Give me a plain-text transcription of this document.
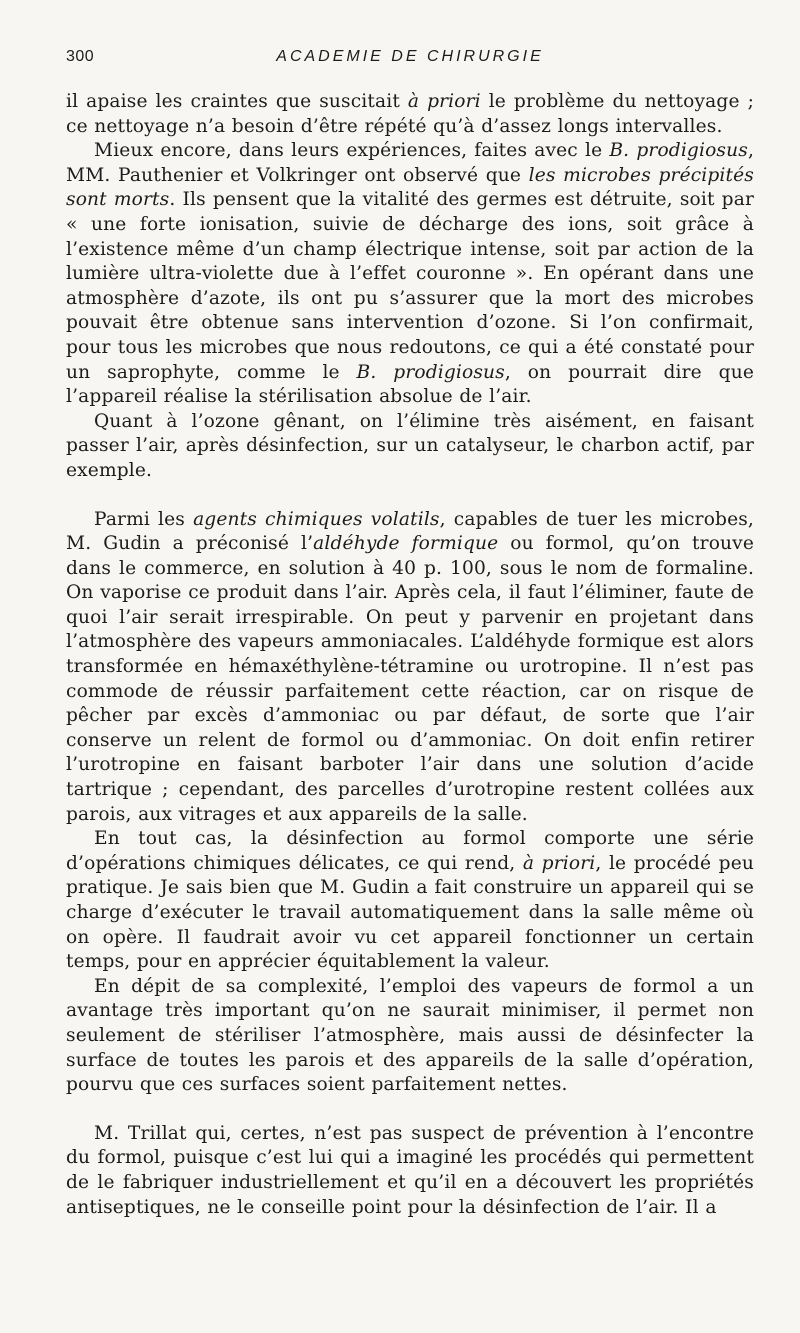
300	ACADEMIE DE CHIRURGIE

il apaise les craintes que suscitait à priori le problème du nettoyage ; ce nettoyage n’a besoin d’être répété qu’à d’assez longs intervalles.

Mieux encore, dans leurs expériences, faites avec le B. prodigiosus, MM. Pauthenier et Volkringer ont observé que les microbes précipités sont morts. Ils pensent que la vitalité des germes est détruite, soit par « une forte ionisation, suivie de décharge des ions, soit grâce à l’existence même d’un champ électrique intense, soit par action de la lumière ultra-violette due à l’effet couronne ». En opérant dans une atmosphère d’azote, ils ont pu s’assurer que la mort des microbes pouvait être obtenue sans intervention d’ozone. Si l’on confirmait, pour tous les microbes que nous redoutons, ce qui a été constaté pour un saprophyte, comme le B. prodigiosus, on pourrait dire que l’appareil réalise la stérilisation absolue de l’air.

Quant à l’ozone gênant, on l’élimine très aisément, en faisant passer l’air, après désinfection, sur un catalyseur, le charbon actif, par exemple.

Parmi les agents chimiques volatils, capables de tuer les microbes, M. Gudin a préconisé l’aldéhyde formique ou formol, qu’on trouve dans le commerce, en solution à 40 p. 100, sous le nom de formaline. On vaporise ce produit dans l’air. Après cela, il faut l’éliminer, faute de quoi l’air serait irrespirable. On peut y parvenir en projetant dans l’atmosphère des vapeurs ammoniacales. L’aldéhyde formique est alors transformée en hémaxéthylène-tétramine ou urotropine. Il n’est pas commode de réussir parfaitement cette réaction, car on risque de pêcher par excès d’ammoniac ou par défaut, de sorte que l’air conserve un relent de formol ou d’ammoniac. On doit enfin retirer l’urotropine en faisant barboter l’air dans une solution d’acide tartrique ; cependant, des parcelles d’urotropine restent collées aux parois, aux vitrages et aux appareils de la salle.

En tout cas, la désinfection au formol comporte une série d’opérations chimiques délicates, ce qui rend, à priori, le procédé peu pratique. Je sais bien que M. Gudin a fait construire un appareil qui se charge d’exécuter le travail automatiquement dans la salle même où on opère. Il faudrait avoir vu cet appareil fonctionner un certain temps, pour en apprécier équitablement la valeur.

En dépit de sa complexité, l’emploi des vapeurs de formol a un avantage très important qu’on ne saurait minimiser, il permet non seulement de stériliser l’atmosphère, mais aussi de désinfecter la surface de toutes les parois et des appareils de la salle d’opération, pourvu que ces surfaces soient parfaitement nettes.

M. Trillat qui, certes, n’est pas suspect de prévention à l’encontre du formol, puisque c’est lui qui a imaginé les procédés qui permettent de le fabriquer industriellement et qu’il en a découvert les propriétés antiseptiques, ne le conseille point pour la désinfection de l’air. Il a
